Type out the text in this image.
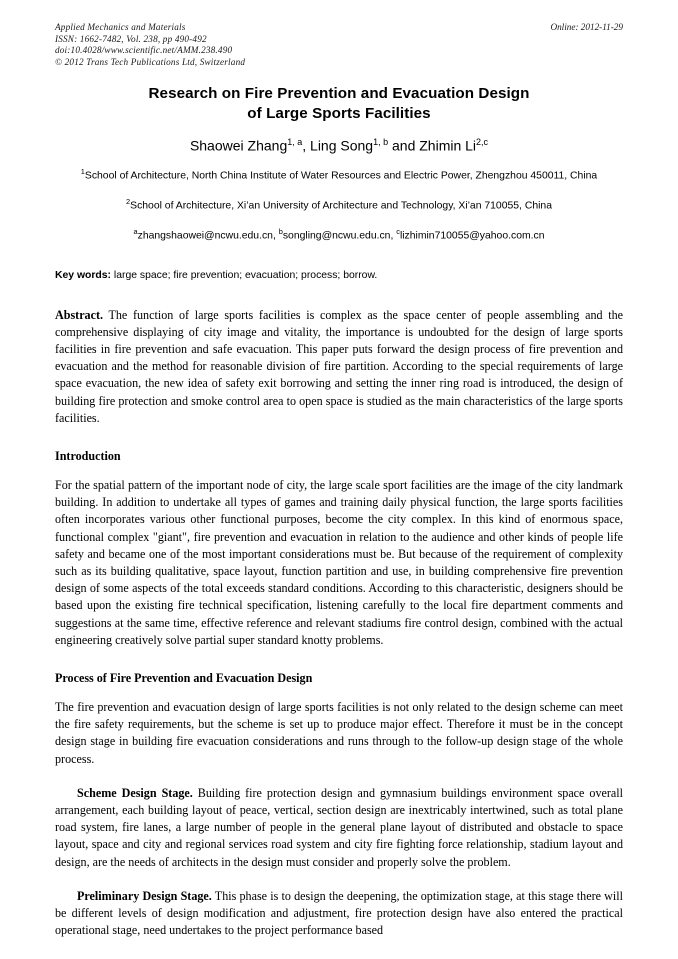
Applied Mechanics and Materials
ISSN: 1662-7482, Vol. 238, pp 490-492
doi:10.4028/www.scientific.net/AMM.238.490
© 2012 Trans Tech Publications Ltd, Switzerland
Online: 2012-11-29
Research on Fire Prevention and Evacuation Design
of Large Sports Facilities
Shaowei Zhang$^{1, a}$, Ling Song$^{1, b}$ and Zhimin Li$^{2,c}$
$^1$School of Architecture, North China Institute of Water Resources and Electric Power, Zhengzhou 450011, China
$^2$School of Architecture, Xi’an University of Architecture and Technology, Xi’an 710055, China
$^a$zhangshaowei@ncwu.edu.cn, $^b$songling@ncwu.edu.cn, $^c$lizhimin710055@yahoo.com.cn
Key words: large space; fire prevention; evacuation; process; borrow.

Abstract. The function of large sports facilities is complex as the space center of people assembling and the comprehensive displaying of city image and vitality, the importance is undoubted for the design of large sports facilities in fire prevention and safe evacuation. This paper puts forward the design process of fire prevention and evacuation and the method for reasonable division of fire partition. According to the special requirements of large space evacuation, the new idea of safety exit borrowing and setting the inner ring road is introduced, the design of building fire protection and smoke control area to open space is studied as the main characteristics of the large sports facilities.

Introduction

For the spatial pattern of the important node of city, the large scale sport facilities are the image of the city landmark building. In addition to undertake all types of games and training daily physical function, the large sports facilities often incorporates various other functional purposes, become the city complex. In this kind of enormous space, functional complex "giant", fire prevention and evacuation in relation to the audience and other kinds of people life safety and became one of the most important considerations must be. But because of the requirement of complexity such as its building qualitative, space layout, function partition and use, in building comprehensive fire prevention design of some aspects of the total exceeds standard conditions. According to this characteristic, designers should be based upon the existing fire technical specification, listening carefully to the local fire department comments and suggestions at the same time, effective reference and relevant stadiums fire control design, combined with the actual engineering creatively solve partial super standard knotty problems.

Process of Fire Prevention and Evacuation Design

The fire prevention and evacuation design of large sports facilities is not only related to the design scheme can meet the fire safety requirements, but the scheme is set up to produce major effect. Therefore it must be in the concept design stage in building fire evacuation considerations and runs through to the follow-up design stage of the whole process.

Scheme Design Stage. Building fire protection design and gymnasium buildings environment space overall arrangement, each building layout of peace, vertical, section design are inextricably intertwined, such as total plane road system, fire lanes, a large number of people in the general plane layout of distributed and obstacle to space layout, space and city and regional services road system and city fire fighting force relationship, stadium layout and design, are the needs of architects in the design must consider and properly solve the problem.

Preliminary Design Stage. This phase is to design the deepening, the optimization stage, at this stage there will be different levels of design modification and adjustment, fire protection design have also entered the practical operational stage, need undertakes to the project performance based
